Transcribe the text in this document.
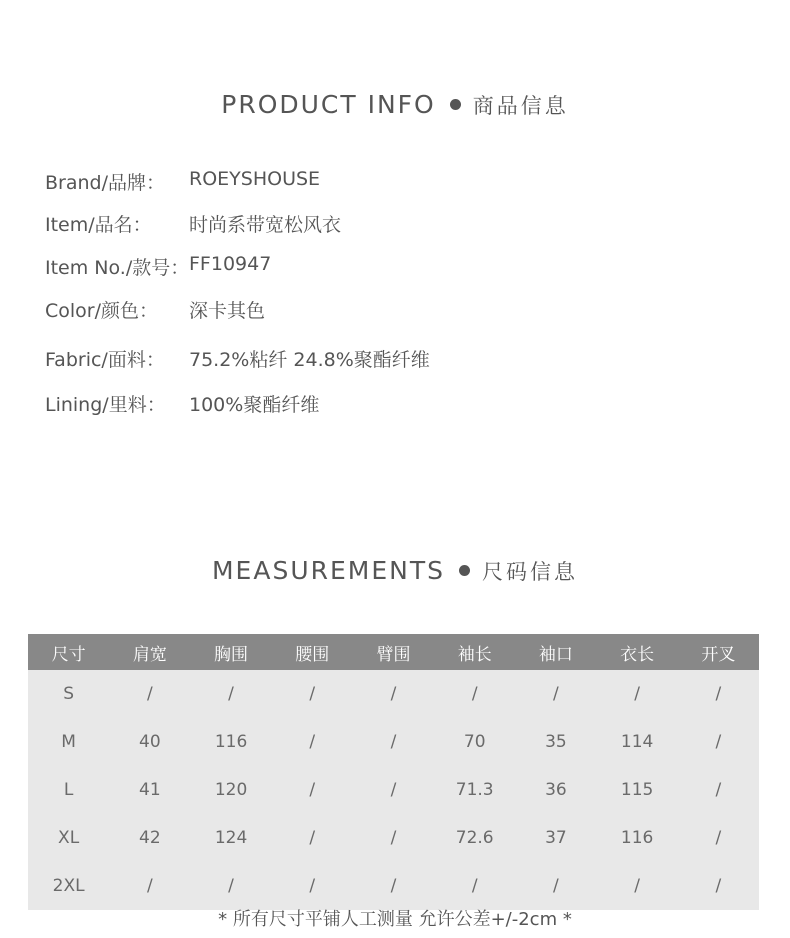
PRODUCT INFO 商品信息
Brand/品牌： ROEYSHOUSE
Item/品名： 时尚系带宽松风衣
Item No./款号： FF10947
Color/颜色： 深卡其色
Fabric/面料： 75.2%粘纤 24.8%聚酯纤维
Lining/里料： 100%聚酯纤维
MEASUREMENTS 尺码信息
尺寸	肩宽	胸围	腰围	臂围	袖长	袖口	衣长	开叉
S	/	/	/	/	/	/	/	/
M	40	116	/	/	70	35	114	/
L	41	120	/	/	71.3	36	115	/
XL	42	124	/	/	72.6	37	116	/
2XL	/	/	/	/	/	/	/	/
* 所有尺寸平铺人工测量 允许公差+/-2cm *
